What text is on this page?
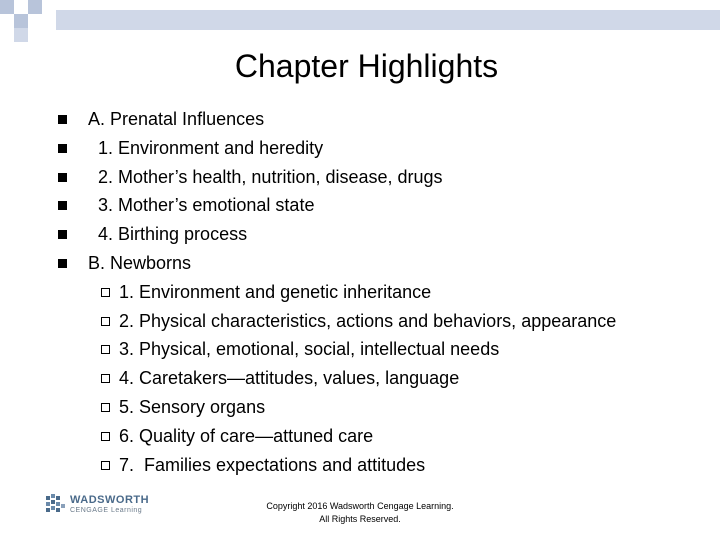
Chapter Highlights
A. Prenatal Influences
1. Environment and heredity
2. Mother’s health, nutrition, disease, drugs
3. Mother’s emotional state
4. Birthing process
B. Newborns
1. Environment and genetic inheritance
2. Physical characteristics, actions and behaviors, appearance
3. Physical, emotional, social, intellectual needs
4. Caretakers—attitudes, values, language
5. Sensory organs
6. Quality of care—attuned care
7.  Families expectations and attitudes
WADSWORTH
CENGAGE Learning	Copyright 2016 Wadsworth Cengage Learning.
All Rights Reserved.
